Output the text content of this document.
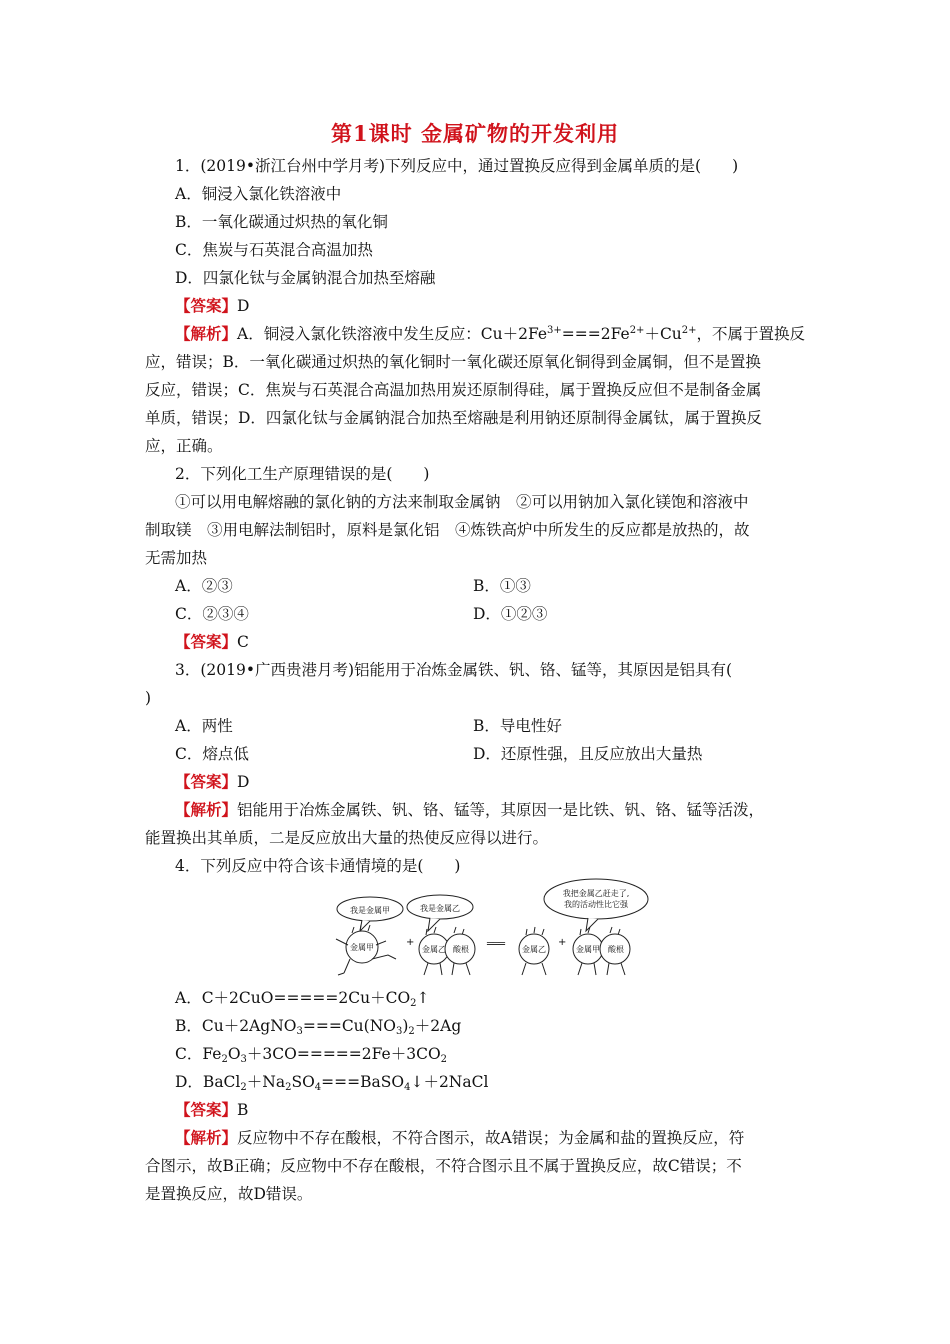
第1课时 金属矿物的开发利用
1．(2019•浙江台州中学月考)下列反应中，通过置换反应得到金属单质的是(　　)
A．铜浸入氯化铁溶液中
B．一氧化碳通过炽热的氧化铜
C．焦炭与石英混合高温加热
D．四氯化钛与金属钠混合加热至熔融
【答案】D
【解析】A．铜浸入氯化铁溶液中发生反应：$Cu+2Fe^{3+}===2Fe^{2+}+Cu^{2+}$，不属于置换反
应，错误；B．一氧化碳通过炽热的氧化铜时一氧化碳还原氧化铜得到金属铜，但不是置换
反应，错误；C．焦炭与石英混合高温加热用炭还原制得硅，属于置换反应但不是制备金属
单质，错误；D．四氯化钛与金属钠混合加热至熔融是利用钠还原制得金属钛，属于置换反
应，正确。
2．下列化工生产原理错误的是(　　)
①可以用电解熔融的氯化钠的方法来制取金属钠　②可以用钠加入氯化镁饱和溶液中
制取镁　③用电解法制铝时，原料是氯化铝　④炼铁高炉中所发生的反应都是放热的，故
无需加热
A．②③	B．①③
C．②③④	D．①②③
【答案】C
3．(2019•广西贵港月考)铝能用于冶炼金属铁、钒、铬、锰等，其原因是铝具有(
)
A．两性	B．导电性好
C．熔点低	D．还原性强，且反应放出大量热
【答案】D
【解析】铝能用于冶炼金属铁、钒、铬、锰等，其原因一是比铁、钒、铬、锰等活泼，
能置换出其单质，二是反应放出大量的热使反应得以进行。
4．下列反应中符合该卡通情境的是(　　)
我是金属甲	我是金属乙
我把金属乙赶走了,
我的活动性比它强
金属甲	+
金属乙 酸根 ═══ 金属乙
+
金属甲 酸根
A．$C+2CuO=====2Cu+CO_2↑$
B．$Cu+2AgNO_3===Cu(NO_3)_2+2Ag$
C．$Fe_2O_3+3CO=====2Fe+3CO_2$
D．$BaCl_2+Na_2SO_4===BaSO_4↓+2NaCl$
【答案】B
【解析】反应物中不存在酸根，不符合图示，故A错误；为金属和盐的置换反应，符
合图示，故B正确；反应物中不存在酸根，不符合图示且不属于置换反应，故C错误；不
是置换反应，故D错误。
